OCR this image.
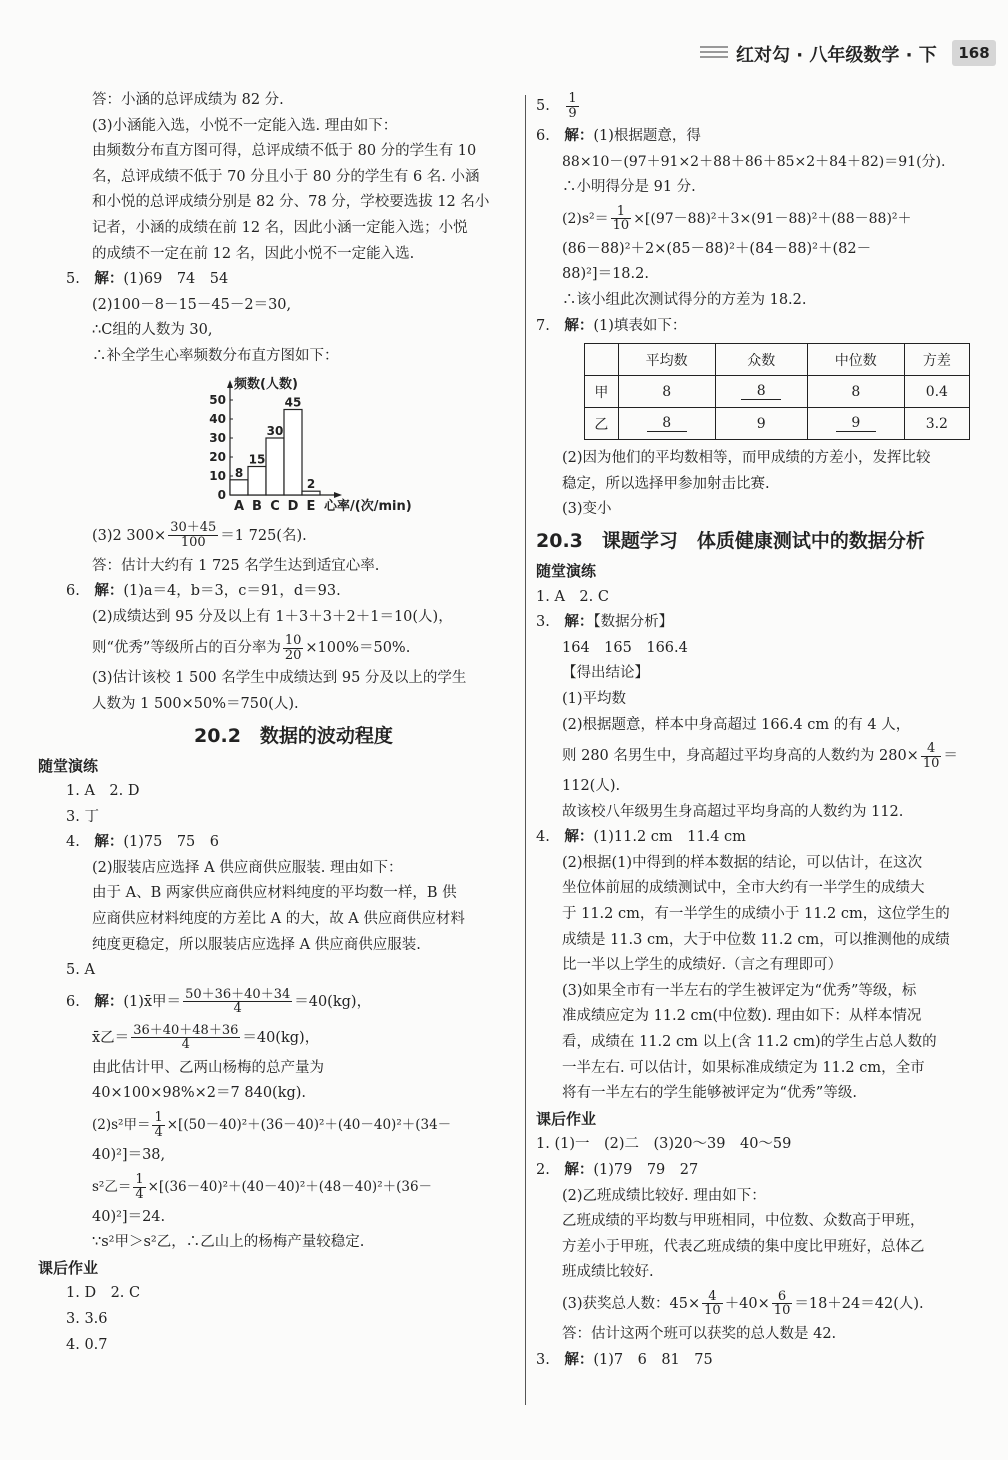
红对勾 · 八年级数学 · 下	168
答：小涵的总评成绩为 82 分.
(3)小涵能入选，小悦不一定能入选. 理由如下：
由频数分布直方图可得，总评成绩不低于 80 分的学生有 10
名，总评成绩不低于 70 分且小于 80 分的学生有 6 名. 小涵
和小悦的总评成绩分别是 82 分、78 分，学校要选拔 12 名小
记者，小涵的成绩在前 12 名，因此小涵一定能入选；小悦
的成绩不一定在前 12 名，因此小悦不一定能入选.
5.　 解：(1)69　74　54
(2)100－8－15－45－2＝30,
∴C组的人数为 30,
∴补全学生心率频数分布直方图如下：
0
10
20
30
40
50
频数(人数)
8
A
15
B
30
C
45
D
2
E 心率/(次/min)
(3)2 $300\times \frac{30+45}{100} =1$ 725(名).
答：估计大约有 1 725 名学生达到适宜心率.
6.　 解：(1)a＝4，b＝3，c＝91，d＝93.
(2)成绩达到 95 分及以上有 1＋3＋3＋2＋1＝10(人)，
则“优秀”等级所占的百分率为 $\frac{10}{20} \times 100\%=50\%$.
(3)估计该校 1 500 名学生中成绩达到 95 分及以上的学生
人数为 1 500×50%＝750(人).
20.2　数据的波动程度
随堂演练
1. A　2. D
3. 丁
4.　 解：(1)75　75　6
(2)服装店应选择 A 供应商供应服装. 理由如下：
由于 A、B 两家供应商供应材料纯度的平均数一样，B 供
应商供应材料纯度的方差比 A 的大，故 A 供应商供应材料
纯度更稳定，所以服装店应选择 A 供应商供应服装.
5. A
6.　 解：(1)x̄甲＝ $\frac{50+36+40+34}{4} =40(kg)$，
x̄乙＝ $\frac{36+40+48+36}{4} =40(kg)$，
由此估计甲、乙两山杨梅的总产量为
40×100×98%×2＝7 840(kg).
(2)s²甲＝ $\frac{1}{4} \times[(50-40)^2+(36-40)^2+(40-40)^2+(34-$
40)²]＝38,
s²乙＝ $\frac{1}{4} \times[(36-40)^2+(40-40)^2+(48-40)^2+(36-$
40)²]＝24.
∵s²甲＞s²乙，∴乙山上的杨梅产量较稳定.
课后作业
1. D　2. C
3. 3.6
4. 0.7
5.　 $\frac{1}{9}$
6.　 解：(1)根据题意，得
88×10－(97＋91×2＋88＋86＋85×2＋84＋82)＝91(分).
∴小明得分是 91 分.
$(2)s^2= \frac{1}{10} \times[(97-88)^2+3\times(91-88)^2+(88-88)^2+$
(86－88)²＋2×(85－88)²＋(84－88)²＋(82－
88)²]＝18.2.
∴该小组此次测试得分的方差为 18.2.
7.　 解：(1)填表如下：
	平均数	众数	中位数	方差
甲	8	8	8	0.4
乙	8	9	9	3.2
(2)因为他们的平均数相等，而甲成绩的方差小，发挥比较
稳定，所以选择甲参加射击比赛.
(3)变小
20.3　课题学习　体质健康测试中的数据分析
随堂演练
1. A　2. C
3.　 解：【数据分析】
164　165　166.4
【得出结论】
(1)平均数
(2)根据题意，样本中身高超过 166.4 cm 的有 4 人，
则 280 名男生中，身高超过平均身高的人数约为 $280\times \frac{4}{10}$ ＝
112(人).
故该校八年级男生身高超过平均身高的人数约为 112.
4.　 解：(1)11.2 cm　11.4 cm
(2)根据(1)中得到的样本数据的结论，可以估计，在这次
坐位体前屈的成绩测试中，全市大约有一半学生的成绩大
于 11.2 cm，有一半学生的成绩小于 11.2 cm，这位学生的
成绩是 11.3 cm，大于中位数 11.2 cm，可以推测他的成绩
比一半以上学生的成绩好.（言之有理即可）
(3)如果全市有一半左右的学生被评定为“优秀”等级，标
准成绩应定为 11.2 cm(中位数). 理由如下：从样本情况
看，成绩在 11.2 cm 以上(含 11.2 cm)的学生占总人数的
一半左右. 可以估计，如果标准成绩定为 11.2 cm，全市
将有一半左右的学生能够被评定为“优秀”等级.
课后作业
1. (1)一　(2)二　(3)20～39　40～59
2.　 解：(1)79　79　27
(2)乙班成绩比较好. 理由如下：
乙班成绩的平均数与甲班相同，中位数、众数高于甲班，
方差小于甲班，代表乙班成绩的集中度比甲班好，总体乙
班成绩比较好.
(3)获奖总人数：$45\times \frac{4}{10} +40\times \frac{6}{10} =18+24=42$(人).
答：估计这两个班可以获奖的总人数是 42.
3.　 解：(1)7　6　81　75
